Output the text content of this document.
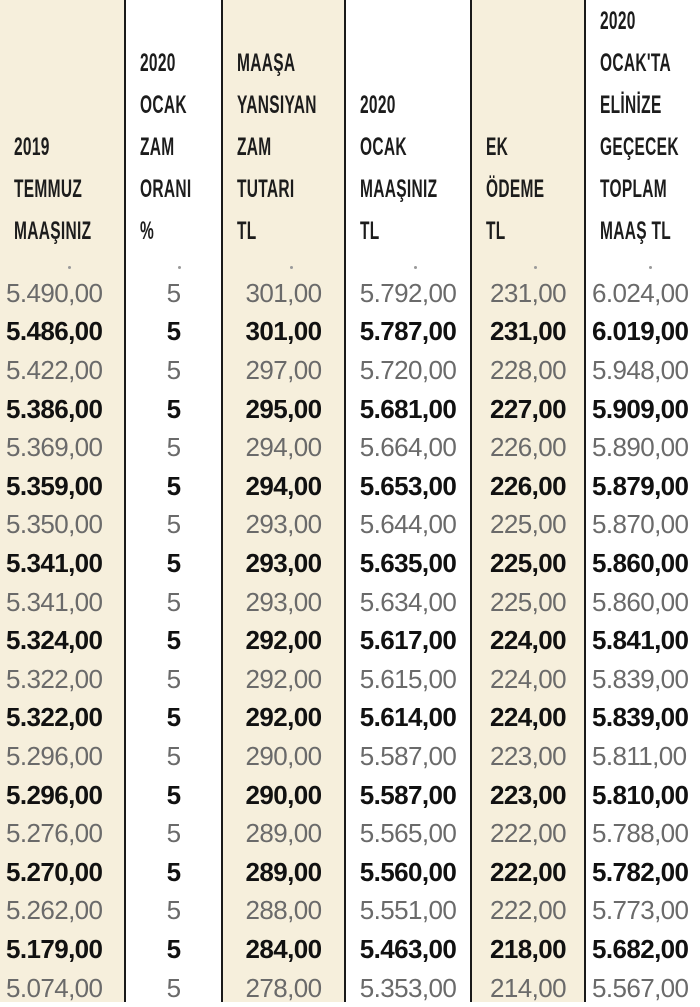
2019
TEMMUZ
MAAŞINIZ
5.490,00
5.486,00
5.422,00
5.386,00
5.369,00
5.359,00
5.350,00
5.341,00
5.341,00
5.324,00
5.322,00
5.322,00
5.296,00
5.296,00
5.276,00
5.270,00
5.262,00
5.179,00
5.074,00
2020
OCAK
ZAM
ORANI
%
5
5
5
5
5
5
5
5
5
5
5
5
5
5
5
5
5
5
5
MAAŞA
YANSIYAN
ZAM
TUTARI
TL
301,00
301,00
297,00
295,00
294,00
294,00
293,00
293,00
293,00
292,00
292,00
292,00
290,00
290,00
289,00
289,00
288,00
284,00
278,00
2020
OCAK
MAAŞINIZ
TL
5.792,00
5.787,00
5.720,00
5.681,00
5.664,00
5.653,00
5.644,00
5.635,00
5.634,00
5.617,00
5.615,00
5.614,00
5.587,00
5.587,00
5.565,00
5.560,00
5.551,00
5.463,00
5.353,00
EK
ÖDEME
TL
231,00
231,00
228,00
227,00
226,00
226,00
225,00
225,00
225,00
224,00
224,00
224,00
223,00
223,00
222,00
222,00
222,00
218,00
214,00
2020
OCAK'TA
ELİNİZE
GEÇECEK
TOPLAM
MAAŞ TL
6.024,00
6.019,00
5.948,00
5.909,00
5.890,00
5.879,00
5.870,00
5.860,00
5.860,00
5.841,00
5.839,00
5.839,00
5.811,00
5.810,00
5.788,00
5.782,00
5.773,00
5.682,00
5.567,00
